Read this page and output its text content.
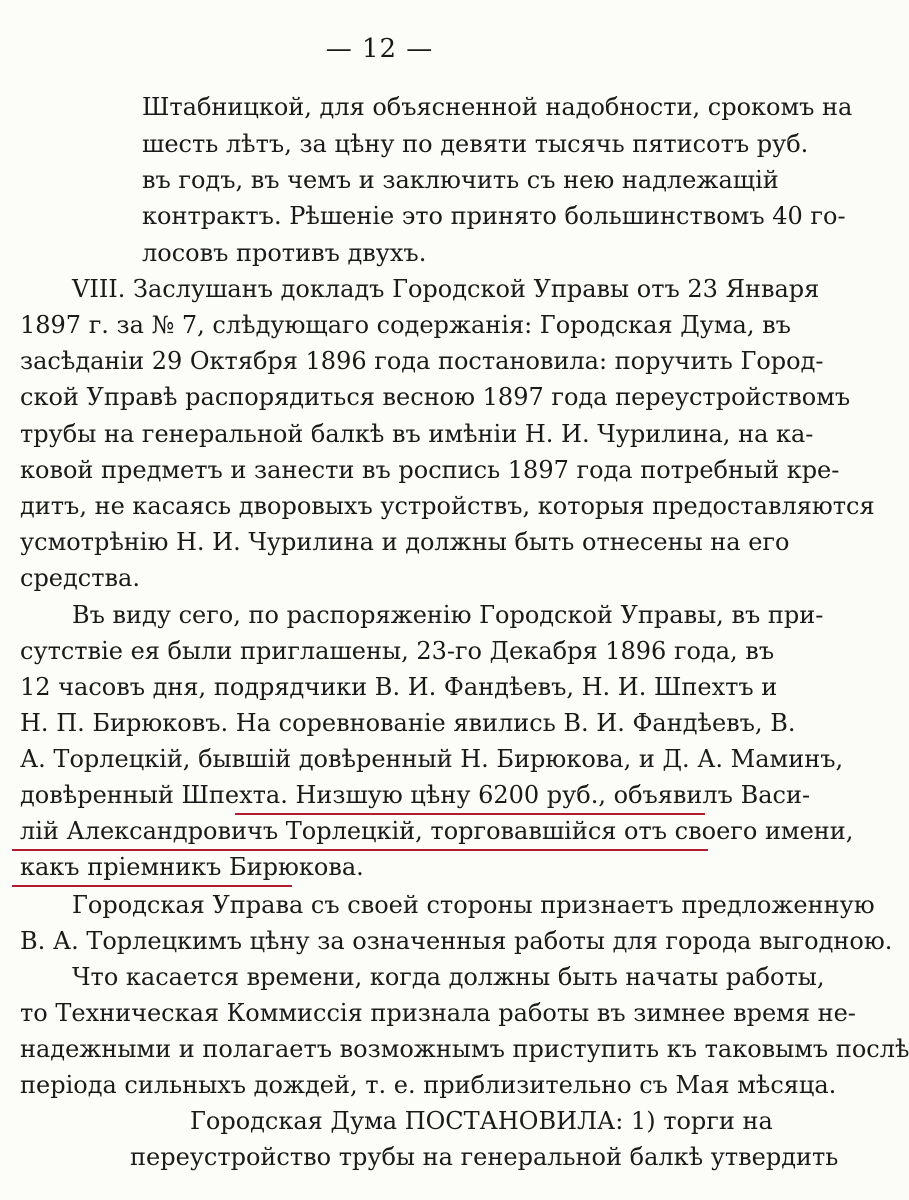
— 12 —
Штабницкой, для объясненной надобности, срокомъ на
шесть лѣтъ, за цѣну по девяти тысячь пятисотъ руб.
въ годъ, въ чемъ и заключить съ нею надлежащій
контрактъ. Рѣшеніе это принято большинствомъ 40 го-
лосовъ противъ двухъ.
VIII. Заслушанъ докладъ Городской Управы отъ 23 Января
1897 г. за № 7, слѣдующаго содержанія: Городская Дума, въ
засѣданіи 29 Октября 1896 года постановила: поручить Город-
ской Управѣ распорядиться весною 1897 года переустройствомъ
трубы на генеральной балкѣ въ имѣніи Н. И. Чурилина, на ка-
ковой предметъ и занести въ роспись 1897 года потребный кре-
дитъ, не касаясь дворовыхъ устройствъ, которыя предоставляются
усмотрѣнію Н. И. Чурилина и должны быть отнесены на его
средства.
Въ виду сего, по распоряженію Городской Управы, въ при-
сутствіе ея были приглашены, 23-го Декабря 1896 года, въ
12 часовъ дня, подрядчики В. И. Фандѣевъ, Н. И. Шпехтъ и
Н. П. Бирюковъ. На соревнованіе явились В. И. Фандѣевъ, В.
А. Торлецкій, бывшій довѣренный Н. Бирюкова, и Д. А. Маминъ,
довѣренный Шпехта. Низшую цѣну 6200 руб., объявилъ Васи-
лій Александровичъ Торлецкій, торговавшійся отъ своего имени,
какъ пріемникъ Бирюкова.
Городская Управа съ своей стороны признаетъ предложенную
В. А. Торлецкимъ цѣну за означенныя работы для города выгодною.
Что касается времени, когда должны быть начаты работы,
то Техническая Коммиссія признала работы въ зимнее время не-
надежными и полагаетъ возможнымъ приступить къ таковымъ послѣ
періода сильныхъ дождей, т. е. приблизительно съ Мая мѣсяца.
Городская Дума ПОСТАНОВИЛА: 1) торги на
переустройство трубы на генеральной балкѣ утвердить
